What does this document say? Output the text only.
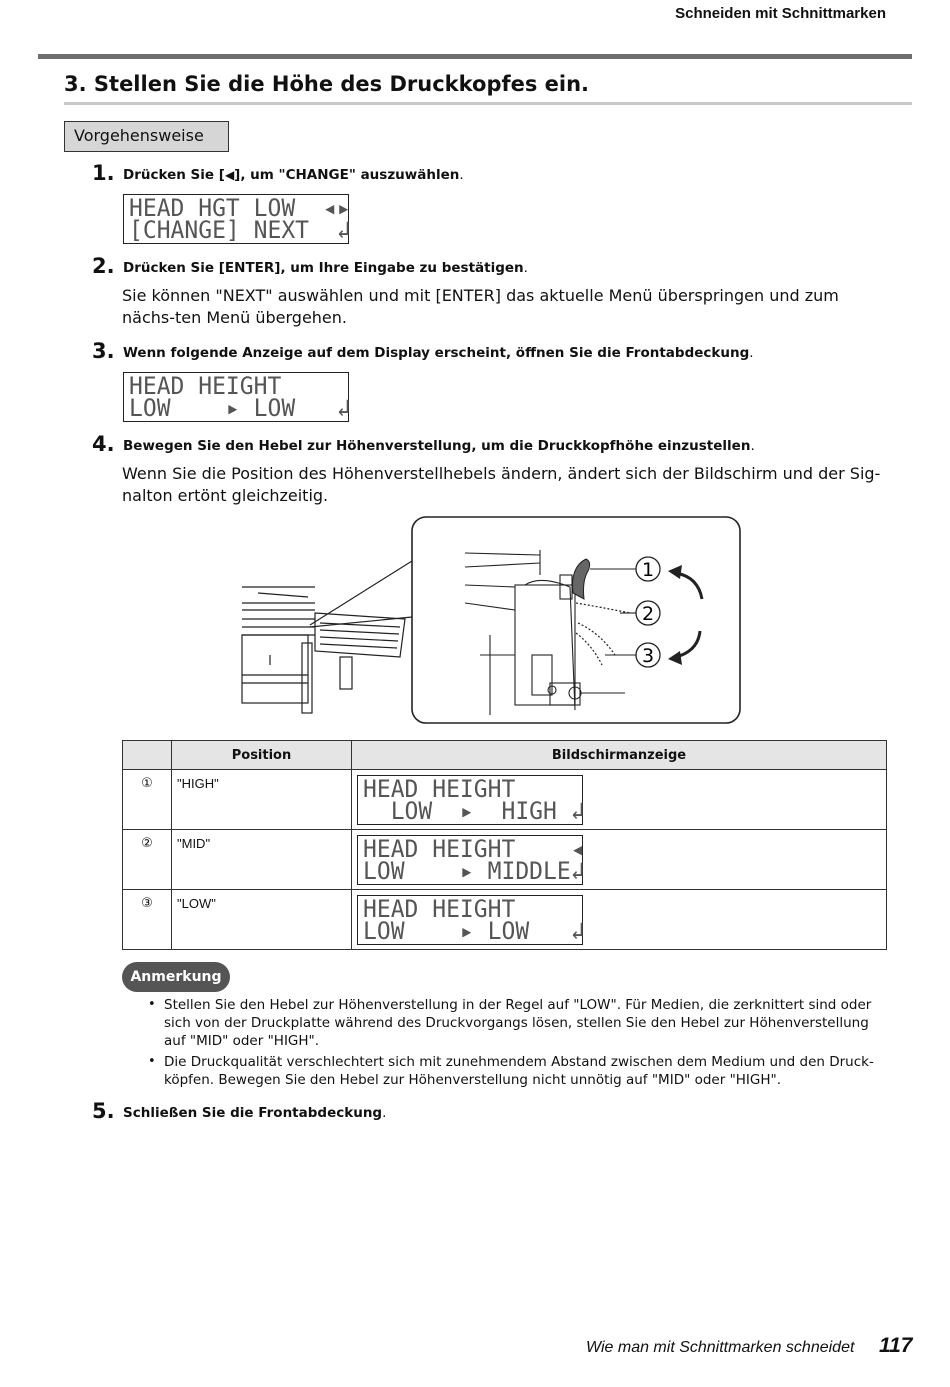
Schneiden mit Schnittmarken
3. Stellen Sie die Höhe des Druckkopfes ein.
Vorgehensweise
1. Drücken Sie [◀], um "CHANGE" auszuwählen.
HEAD HGT LOW  ◂▸
[CHANGE] NEXT  ↲
2. Drücken Sie [ENTER], um Ihre Eingabe zu bestätigen.
Sie können "NEXT" auswählen und mit [ENTER] das aktuelle Menü überspringen und zum nächs-ten Menü übergehen.
3. Wenn folgende Anzeige auf dem Display erscheint, öffnen Sie die Frontabdeckung.
HEAD HEIGHT
LOW    ▸ LOW   ↲
4. Bewegen Sie den Hebel zur Höhenverstellung, um die Druckkopfhöhe einzustellen.
Wenn Sie die Position des Höhenverstellhebels ändern, ändert sich der Bildschirm und der Sig-nalton ertönt gleichzeitig.
1
2
3
	Position	Bildschirmanzeige
①	"HIGH"	HEAD HEIGHT
LOW  ▸  HIGH ↲

②	"MID"	HEAD HEIGHT    ◂
LOW    ▸ MIDDLE↲

③	"LOW"	HEAD HEIGHT
LOW    ▸ LOW   ↲
Anmerkung
• Stellen Sie den Hebel zur Höhenverstellung in der Regel auf "LOW". Für Medien, die zerknittert sind oder sich von der Druckplatte während des Druckvorgangs lösen, stellen Sie den Hebel zur Höhenverstellung auf "MID" oder "HIGH".
• Die Druckqualität verschlechtert sich mit zunehmendem Abstand zwischen dem Medium und den Druck-köpfen. Bewegen Sie den Hebel zur Höhenverstellung nicht unnötig auf "MID" oder "HIGH".
5. Schließen Sie die Frontabdeckung.
Wie man mit Schnittmarken schneidet 117
